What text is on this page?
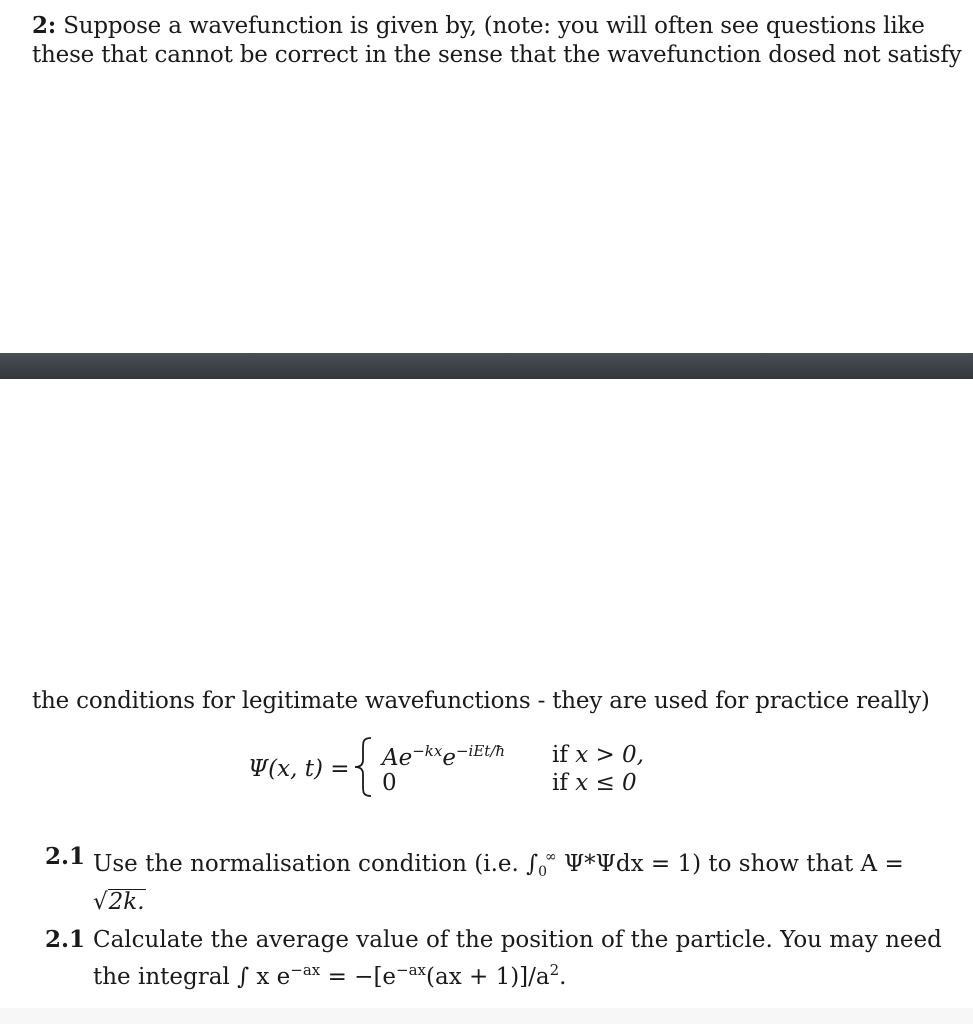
2: Suppose a wavefunction is given by, (note: you will often see questions like
these that cannot be correct in the sense that the wavefunction dosed not satisfy
the conditions for legitimate wavefunctions - they are used for practice really)
Ψ(x, $t) = Ae^{-kx}e^{-iEt/ħ}$
0
if x > 0,
if x ≤ 0
2.1 Use the normalisation condition (i.e. $\int_0^\infty$ Ψ*Ψdx = 1) to show that A =
√2k.
2.1 Calculate the average value of the position of the particle. You may need
the integral ∫ x $e^{-ax} = -[e^{-ax}(ax + 1)]/a^2$.
